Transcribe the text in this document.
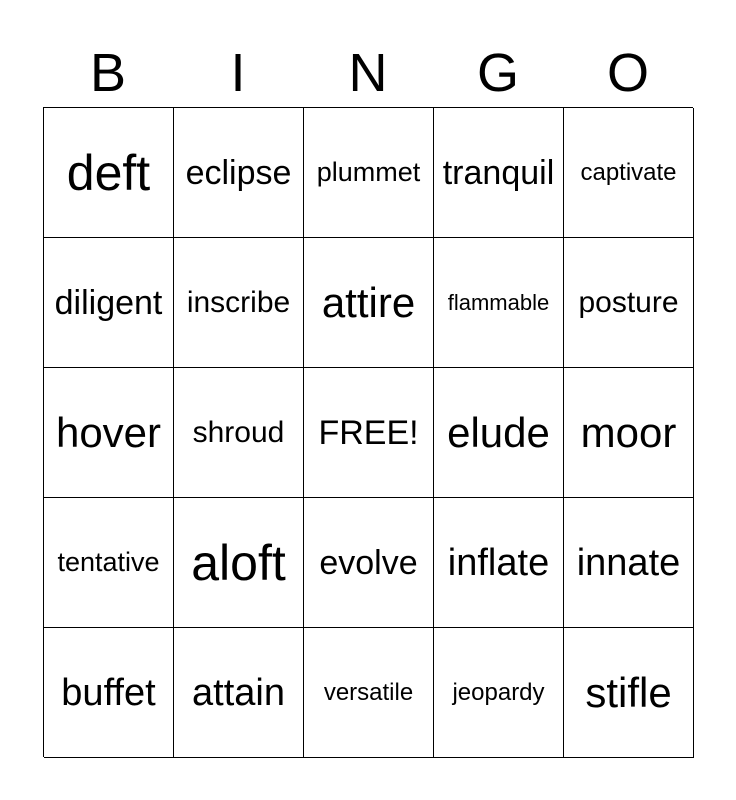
B	I	N	G	O
deft eclipse plummet tranquil captivate
diligent inscribe attire flammable posture
hover shroud FREE! elude moor
tentative aloft evolve inflate innate
buffet attain versatile jeopardy stifle
